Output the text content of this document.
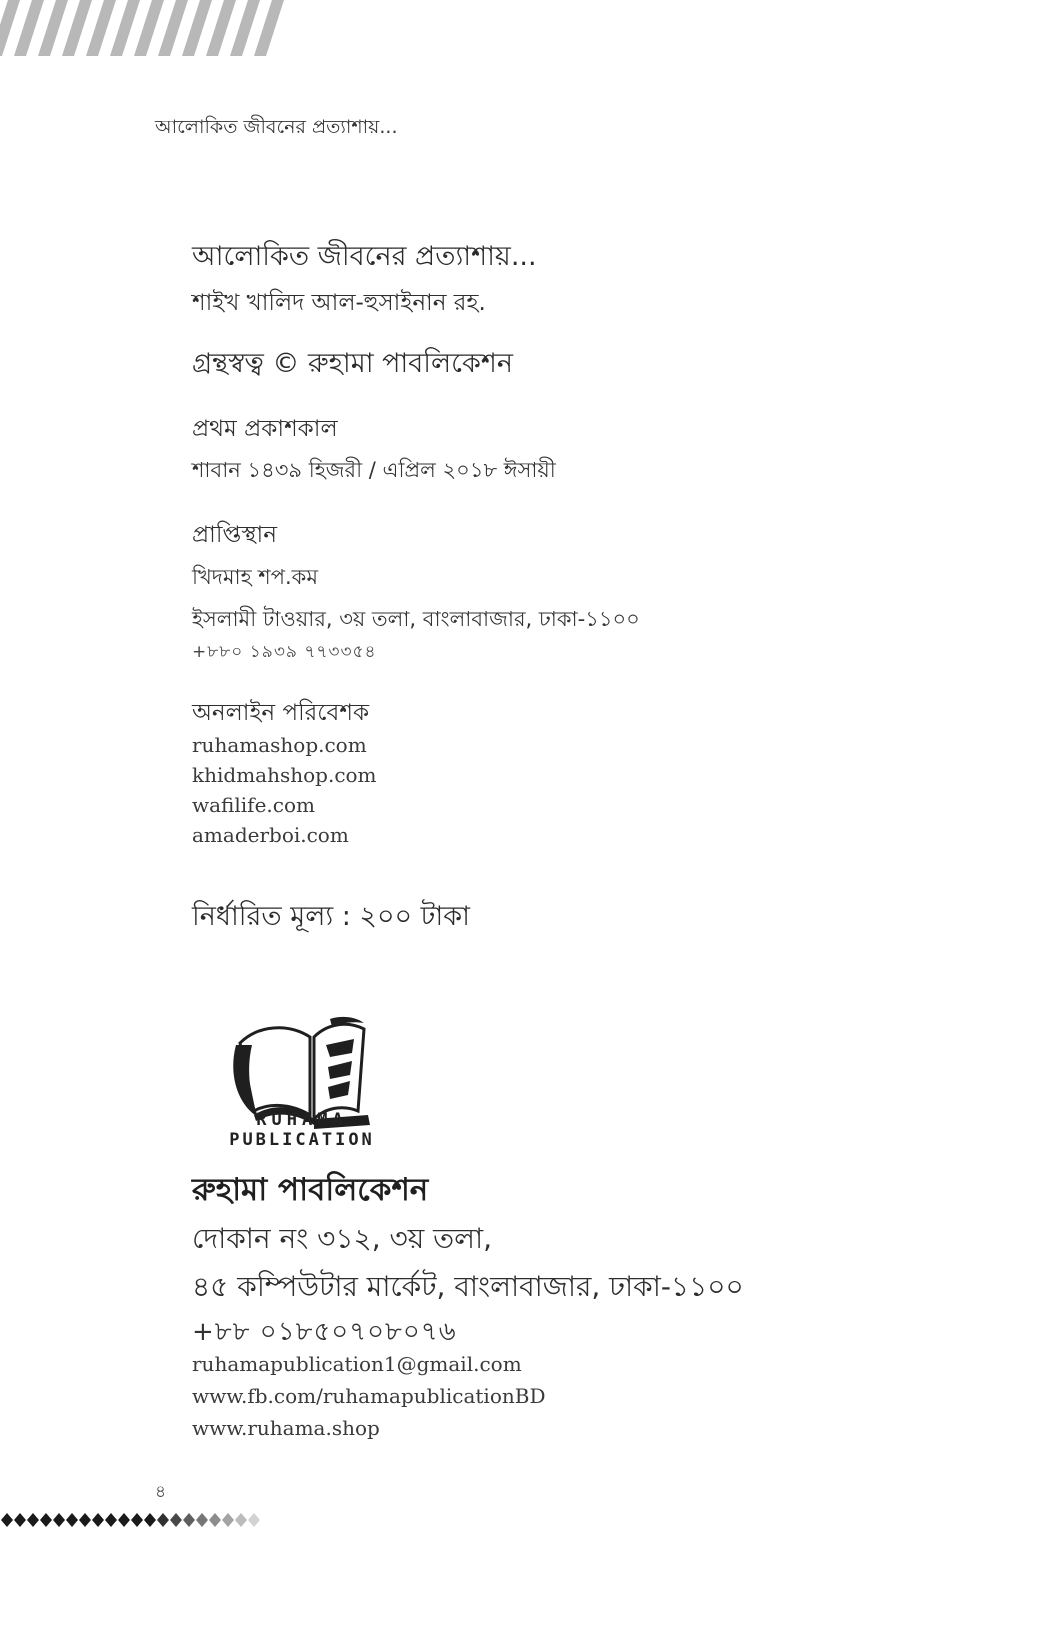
আলোকিত জীবনের প্রত্যাশায়...
আলোকিত জীবনের প্রত্যাশায়...
শাইখ খালিদ আল-হুসাইনান রহ.
গ্রন্থস্বত্ব © রুহামা পাবলিকেশন
প্রথম প্রকাশকাল
শাবান ১৪৩৯ হিজরী / এপ্রিল ২০১৮ ঈসায়ী
প্রাপ্তিস্থান
খিদমাহ শপ.কম
ইসলামী টাওয়ার, ৩য় তলা, বাংলাবাজার, ঢাকা-১১০০
+৮৮০ ১৯৩৯ ৭৭৩৩৫৪
অনলাইন পরিবেশক
ruhamashop.com
khidmahshop.com
wafilife.com
amaderboi.com
নির্ধারিত মূল্য : ২০০ টাকা
RUHAMA
PUBLICATION
রুহামা পাবলিকেশন
দোকান নং ৩১২, ৩য় তলা,
৪৫ কম্পিউটার মার্কেট, বাংলাবাজার, ঢাকা-১১০০
+৮৮ ০১৮৫০৭০৮০৭৬
ruhamapublication1@gmail.com
www.fb.com/ruhamapublicationBD
www.ruhama.shop
৪
